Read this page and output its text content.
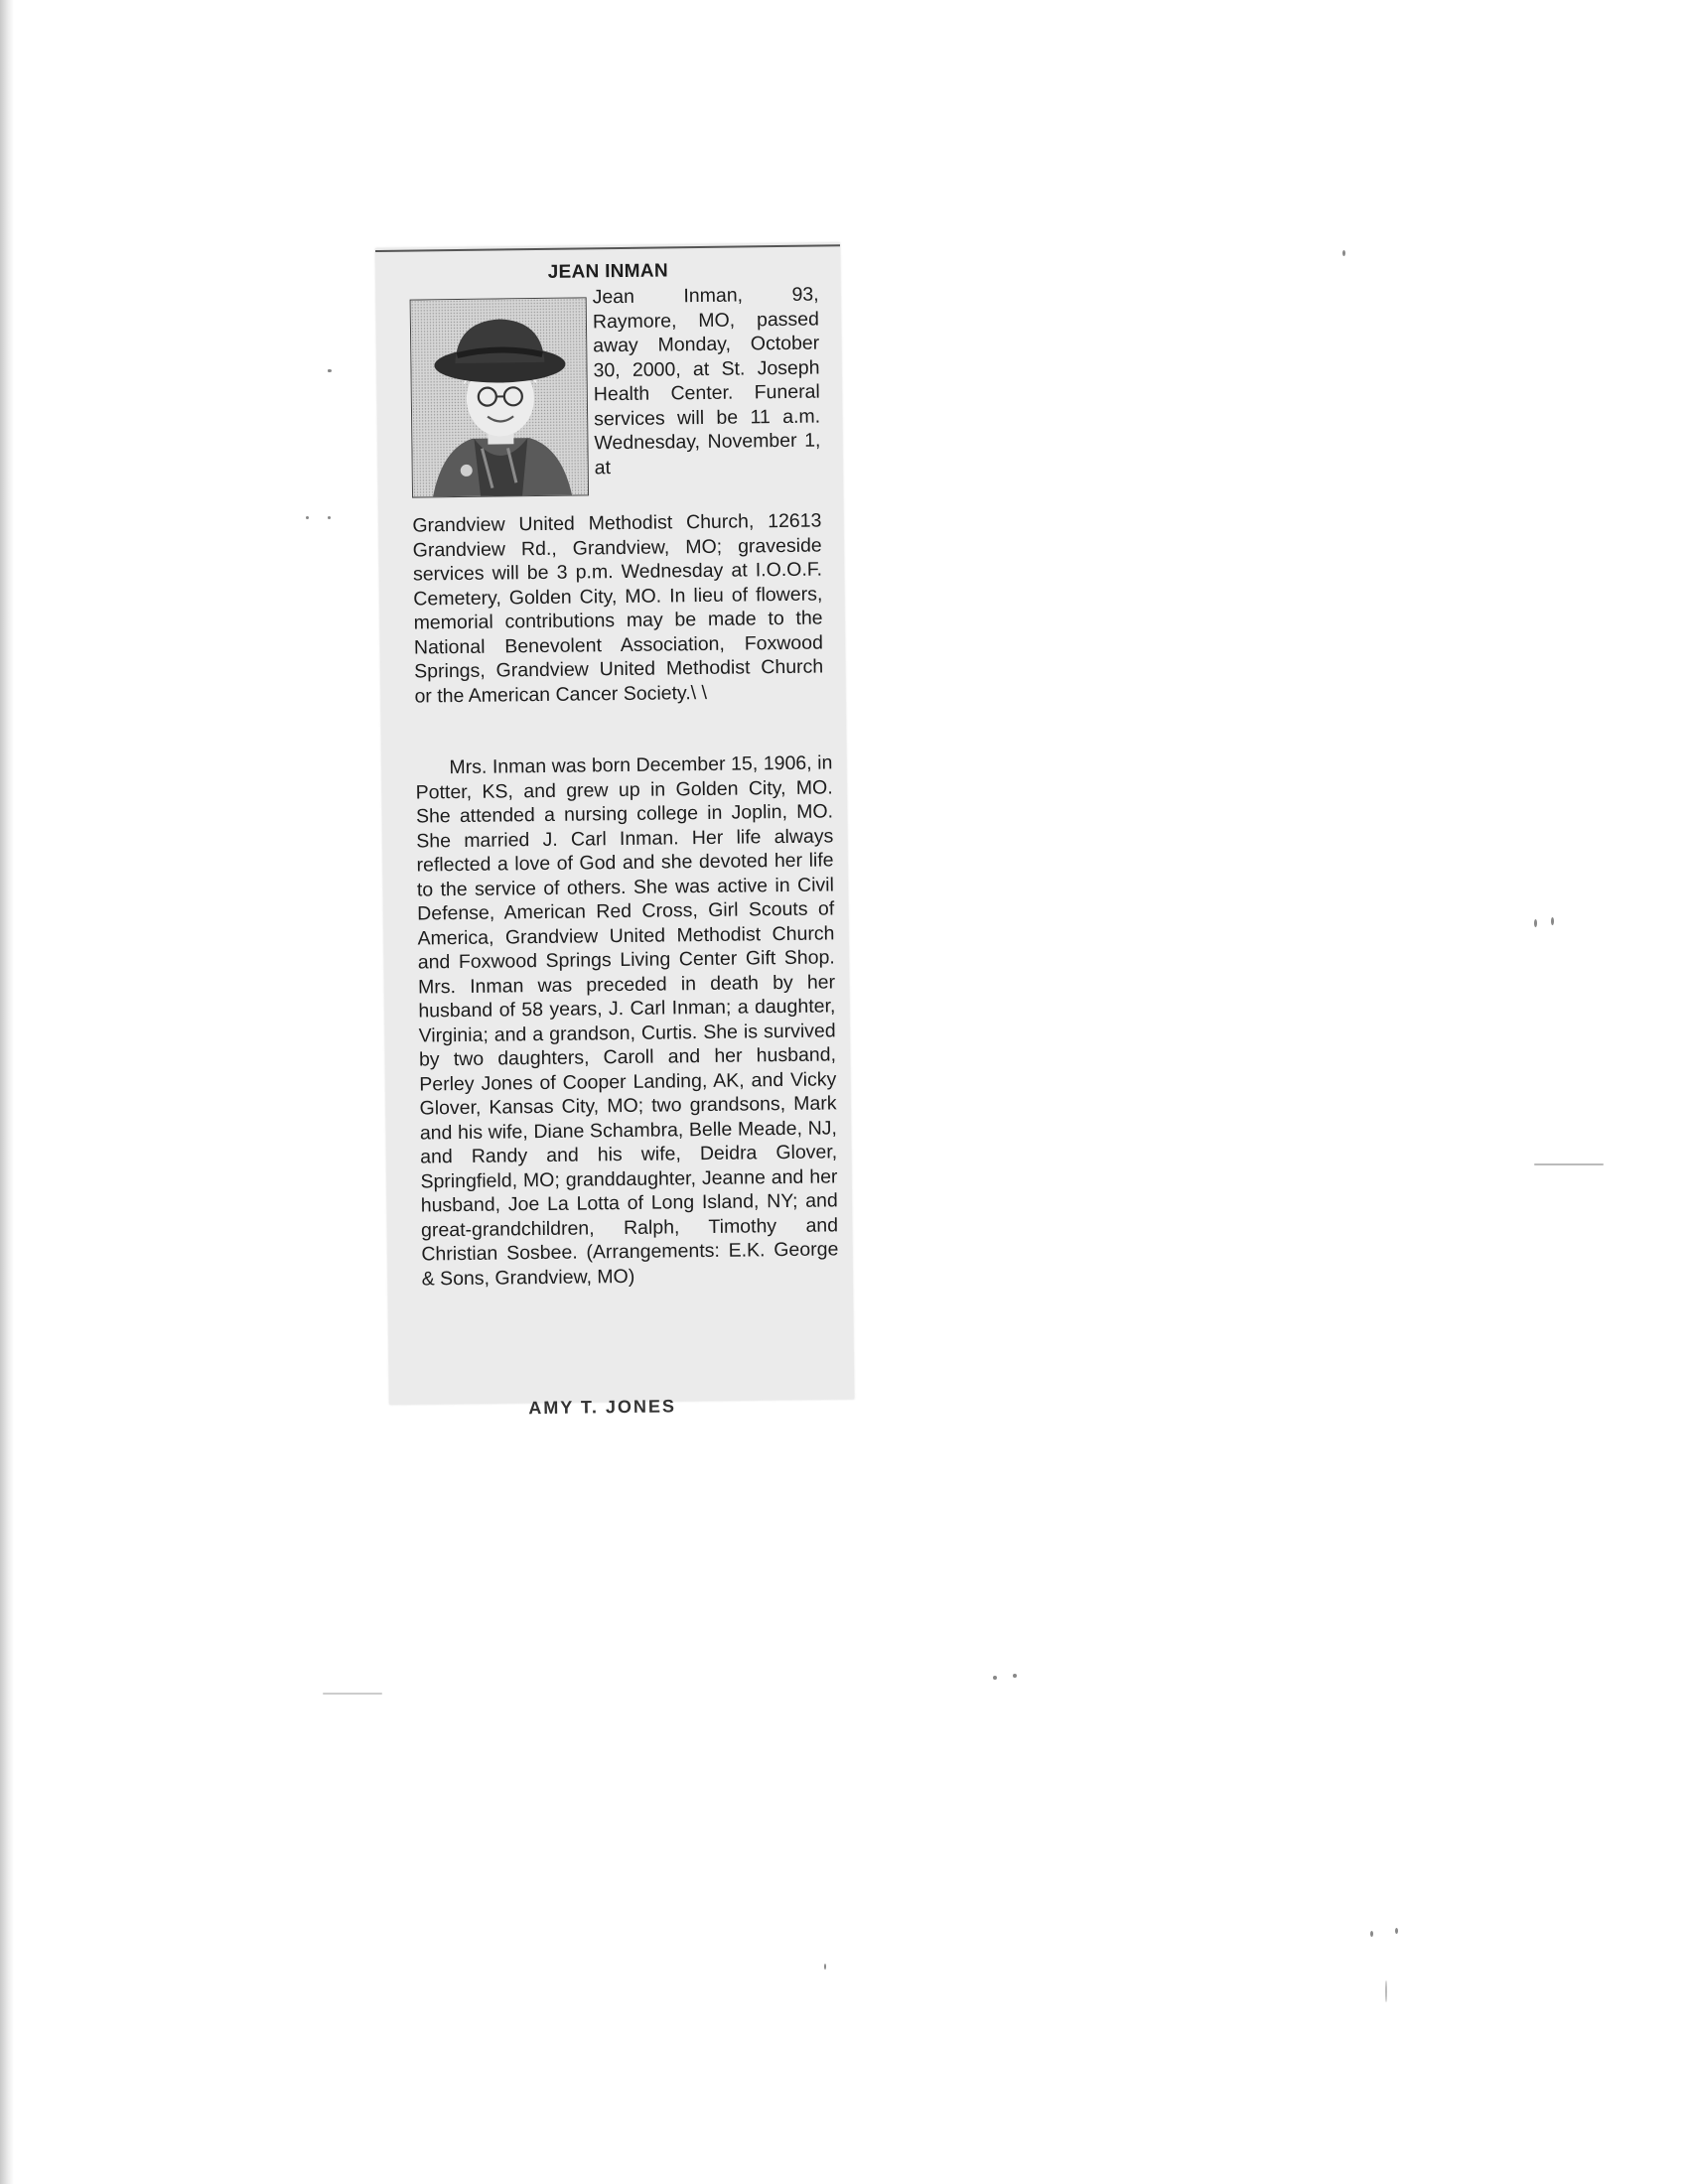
JEAN INMAN

Jean Inman, 93, Raymore, MO, passed away Monday, October 30, 2000, at St. Joseph Health Center. Funeral services will be 11 a.m. Wednesday, November 1, at

Grandview United Methodist Church, 12613 Grandview Rd., Grandview, MO; graveside services will be 3 p.m. Wednesday at I.O.O.F. Cemetery, Golden City, MO. In lieu of flowers, memorial contributions may be made to the National Benevolent Association, Foxwood Springs, Grandview United Methodist Church or the American Cancer Society.\ \

Mrs. Inman was born December 15, 1906, in Potter, KS, and grew up in Golden City, MO. She attended a nursing college in Joplin, MO. She married J. Carl Inman. Her life always reflected a love of God and she devoted her life to the service of others. She was active in Civil Defense, American Red Cross, Girl Scouts of America, Grandview United Methodist Church and Foxwood Springs Living Center Gift Shop. Mrs. Inman was preceded in death by her husband of 58 years, J. Carl Inman; a daughter, Virginia; and a grandson, Curtis. She is survived by two daughters, Caroll and her husband, Perley Jones of Cooper Landing, AK, and Vicky Glover, Kansas City, MO; two grandsons, Mark and his wife, Diane Schambra, Belle Meade, NJ, and Randy and his wife, Deidra Glover, Springfield, MO; granddaughter, Jeanne and her husband, Joe La Lotta of Long Island, NY; and great-grandchildren, Ralph, Timothy and Christian Sosbee. (Arrangements: E.K. George & Sons, Grandview, MO)

AMY T. JONES
